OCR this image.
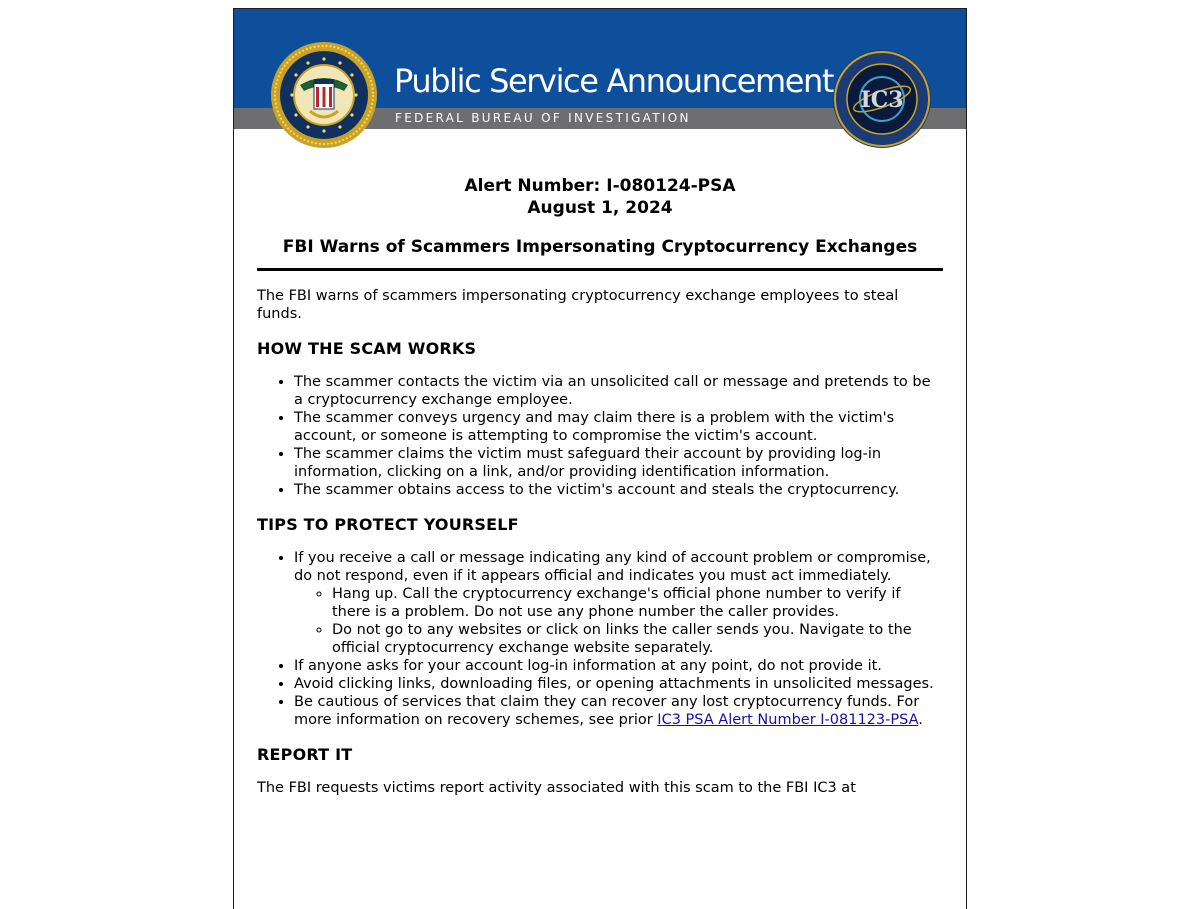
Public Service Announcement
FEDERAL BUREAU OF INVESTIGATION
IC3
Alert Number: I-080124-PSA
August 1, 2024
FBI Warns of Scammers Impersonating Cryptocurrency Exchanges

The FBI warns of scammers impersonating cryptocurrency exchange employees to steal funds.

HOW THE SCAM WORKS
• The scammer contacts the victim via an unsolicited call or message and pretends to be a cryptocurrency exchange employee.
• The scammer conveys urgency and may claim there is a problem with the victim's account, or someone is attempting to compromise the victim's account.
• The scammer claims the victim must safeguard their account by providing log-in information, clicking on a link, and/or providing identification information.
• The scammer obtains access to the victim's account and steals the cryptocurrency.
TIPS TO PROTECT YOURSELF
• If you receive a call or message indicating any kind of account problem or compromise, do not respond, even if it appears official and indicates you must act immediately.
◦ Hang up. Call the cryptocurrency exchange's official phone number to verify if there is a problem. Do not use any phone number the caller provides.
◦ Do not go to any websites or click on links the caller sends you. Navigate to the official cryptocurrency exchange website separately.
• If anyone asks for your account log-in information at any point, do not provide it.
• Avoid clicking links, downloading files, or opening attachments in unsolicited messages.
• Be cautious of services that claim they can recover any lost cryptocurrency funds. For more information on recovery schemes, see prior IC3 PSA Alert Number I-081123-PSA.
REPORT IT

The FBI requests victims report activity associated with this scam to the FBI IC3 at
